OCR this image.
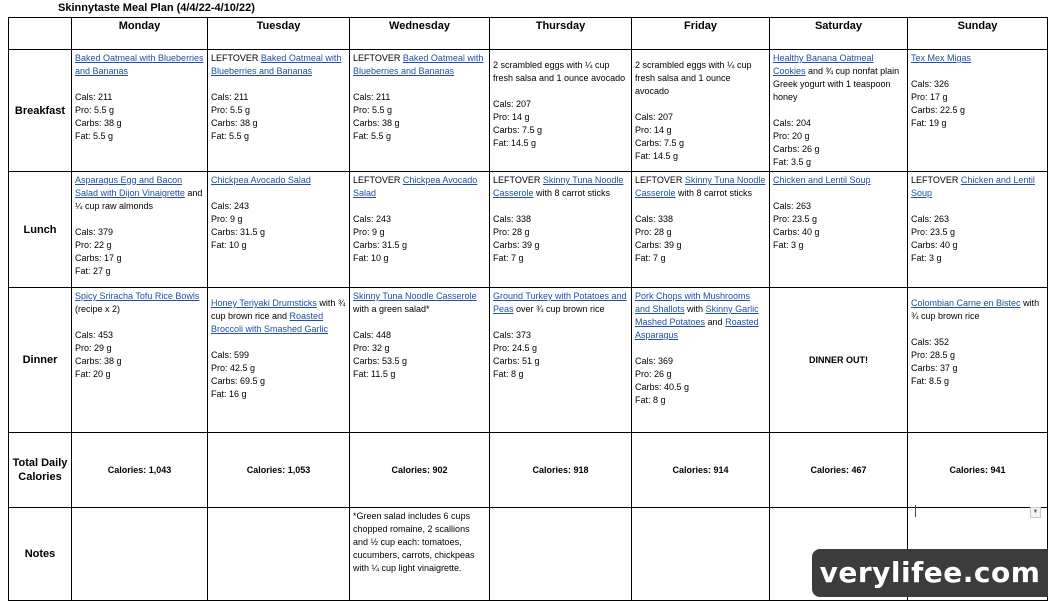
Skinnytaste Meal Plan (4/4/22-4/10/22)
	Monday	Tuesday	Wednesday	Thursday	Friday	Saturday	Sunday
Breakfast	Baked Oatmeal with Blueberries and Bananas
Cals: 211
Pro: 5.5 g
Carbs: 38 g
Fat: 5.5 g	LEFTOVER Baked Oatmeal with Blueberries and Bananas
Cals: 211
Pro: 5.5 g
Carbs: 38 g
Fat: 5.5 g	LEFTOVER Baked Oatmeal with Blueberries and Bananas
Cals: 211
Pro: 5.5 g
Carbs: 38 g
Fat: 5.5 g	2 scrambled eggs with ¼ cup fresh salsa and 1 ounce avocado
Cals: 207
Pro: 14 g
Carbs: 7.5 g
Fat: 14.5 g	2 scrambled eggs with ¼ cup fresh salsa and 1 ounce avocado
Cals: 207
Pro: 14 g
Carbs: 7.5 g
Fat: 14.5 g	Healthy Banana Oatmeal Cookies and ¾ cup nonfat plain Greek yogurt with 1 teaspoon honey
Cals: 204
Pro: 20 g
Carbs: 26 g
Fat: 3.5 g	Tex Mex Migas
Cals: 326
Pro: 17 g
Carbs: 22.5 g
Fat: 19 g

Lunch	Asparagus Egg and Bacon Salad with Dijon Vinaigrette and ¼ cup raw almonds
Cals: 379
Pro: 22 g
Carbs: 17 g
Fat: 27 g	Chickpea Avocado Salad
Cals: 243
Pro: 9 g
Carbs: 31.5 g
Fat: 10 g	LEFTOVER Chickpea Avocado Salad
Cals: 243
Pro: 9 g
Carbs: 31.5 g
Fat: 10 g	LEFTOVER Skinny Tuna Noodle Casserole with 8 carrot sticks
Cals: 338
Pro: 28 g
Carbs: 39 g
Fat: 7 g	LEFTOVER Skinny Tuna Noodle Casserole with 8 carrot sticks
Cals: 338
Pro: 28 g
Carbs: 39 g
Fat: 7 g	Chicken and Lentil Soup
Cals: 263
Pro: 23.5 g
Carbs: 40 g
Fat: 3 g	LEFTOVER Chicken and Lentil Soup
Cals: 263
Pro: 23.5 g
Carbs: 40 g
Fat: 3 g

Dinner	Spicy Sriracha Tofu Rice Bowls (recipe x 2)
Cals: 453
Pro: 29 g
Carbs: 38 g
Fat: 20 g	Honey Teriyaki Drumsticks with ¾ cup brown rice and Roasted Broccoli with Smashed Garlic
Cals: 599
Pro: 42.5 g
Carbs: 69.5 g
Fat: 16 g	Skinny Tuna Noodle Casserole with a green salad*
Cals: 448
Pro: 32 g
Carbs: 53.5 g
Fat: 11.5 g	Ground Turkey with Potatoes and Peas over ¾ cup brown rice
Cals: 373
Pro: 24.5 g
Carbs: 51 g
Fat: 8 g	Pork Chops with Mushrooms and Shallots with Skinny Garlic Mashed Potatoes and Roasted Asparagus
Cals: 369
Pro: 26 g
Carbs: 40.5 g
Fat: 8 g	DINNER OUT!	Colombian Carne en Bistec with ¾ cup brown rice
Cals: 352
Pro: 28.5 g
Carbs: 37 g
Fat: 8.5 g

Total Daily Calories	Calories: 1,043	Calories: 1,053	Calories: 902	Calories: 918	Calories: 914	Calories: 467	Calories: 941
Notes			*Green salad includes 6 cups chopped romaine, 2 scallions and ½ cup each: tomatoes, cucumbers, carrots, chickpeas with ¼ cup light vinaigrette.				

▼
verylifee.com
